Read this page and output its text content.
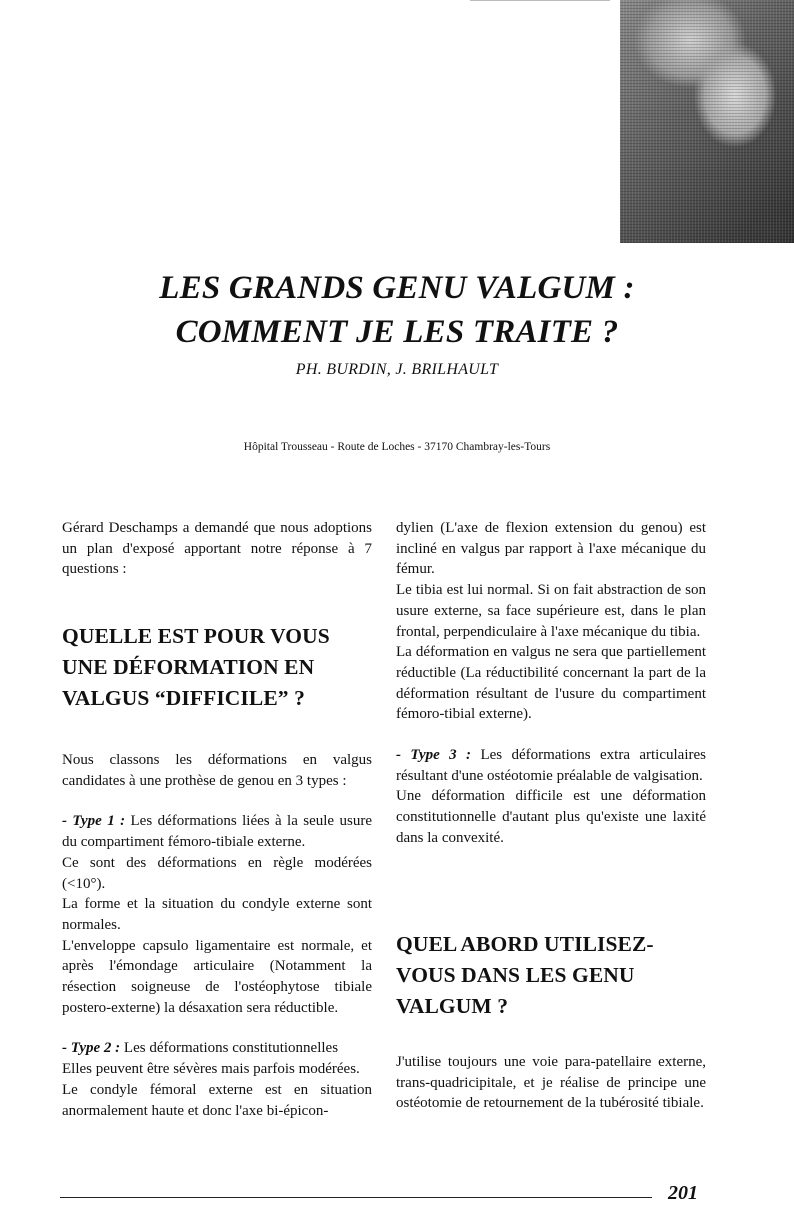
LES GRANDS GENU VALGUM :
COMMENT JE LES TRAITE ?
PH. BURDIN, J. BRILHAULT
Hôpital Trousseau - Route de Loches - 37170 Chambray-les-Tours

Gérard Deschamps a demandé que nous adoptions un plan d'exposé apportant notre réponse à 7 questions :

QUELLE EST POUR VOUS UNE DÉFORMATION EN VALGUS “DIFFICILE” ?

Nous classons les déformations en valgus candidates à une prothèse de genou en 3 types :

- Type 1 : Les déformations liées à la seule usure du compartiment fémoro-tibiale externe.

Ce sont des déformations en règle modérées (<10°).

La forme et la situation du condyle externe sont normales.

L'enveloppe capsulo ligamentaire est normale, et après l'émondage articulaire (Notamment la résection soigneuse de l'ostéophytose tibiale postero-externe) la désaxation sera réductible.

- Type 2 : Les déformations constitutionnelles

Elles peuvent être sévères mais parfois modérées.

Le condyle fémoral externe est en situation anormalement haute et donc l'axe bi-épicon-

dylien (L'axe de flexion extension du genou) est incliné en valgus par rapport à l'axe mécanique du fémur.

Le tibia est lui normal. Si on fait abstraction de son usure externe, sa face supérieure est, dans le plan frontal, perpendiculaire à l'axe mécanique du tibia.

La déformation en valgus ne sera que partiellement réductible (La réductibilité concernant la part de la déformation résultant de l'usure du compartiment fémoro-tibial externe).

- Type 3 : Les déformations extra articulaires résultant d'une ostéotomie préalable de valgisation.

Une déformation difficile est une déformation constitutionnelle d'autant plus qu'existe une laxité dans la convexité.

QUEL ABORD UTILISEZ-VOUS DANS LES GENU VALGUM ?

J'utilise toujours une voie para-patellaire externe, trans-quadricipitale, et je réalise de principe une ostéotomie de retournement de la tubérosité tibiale.

201
